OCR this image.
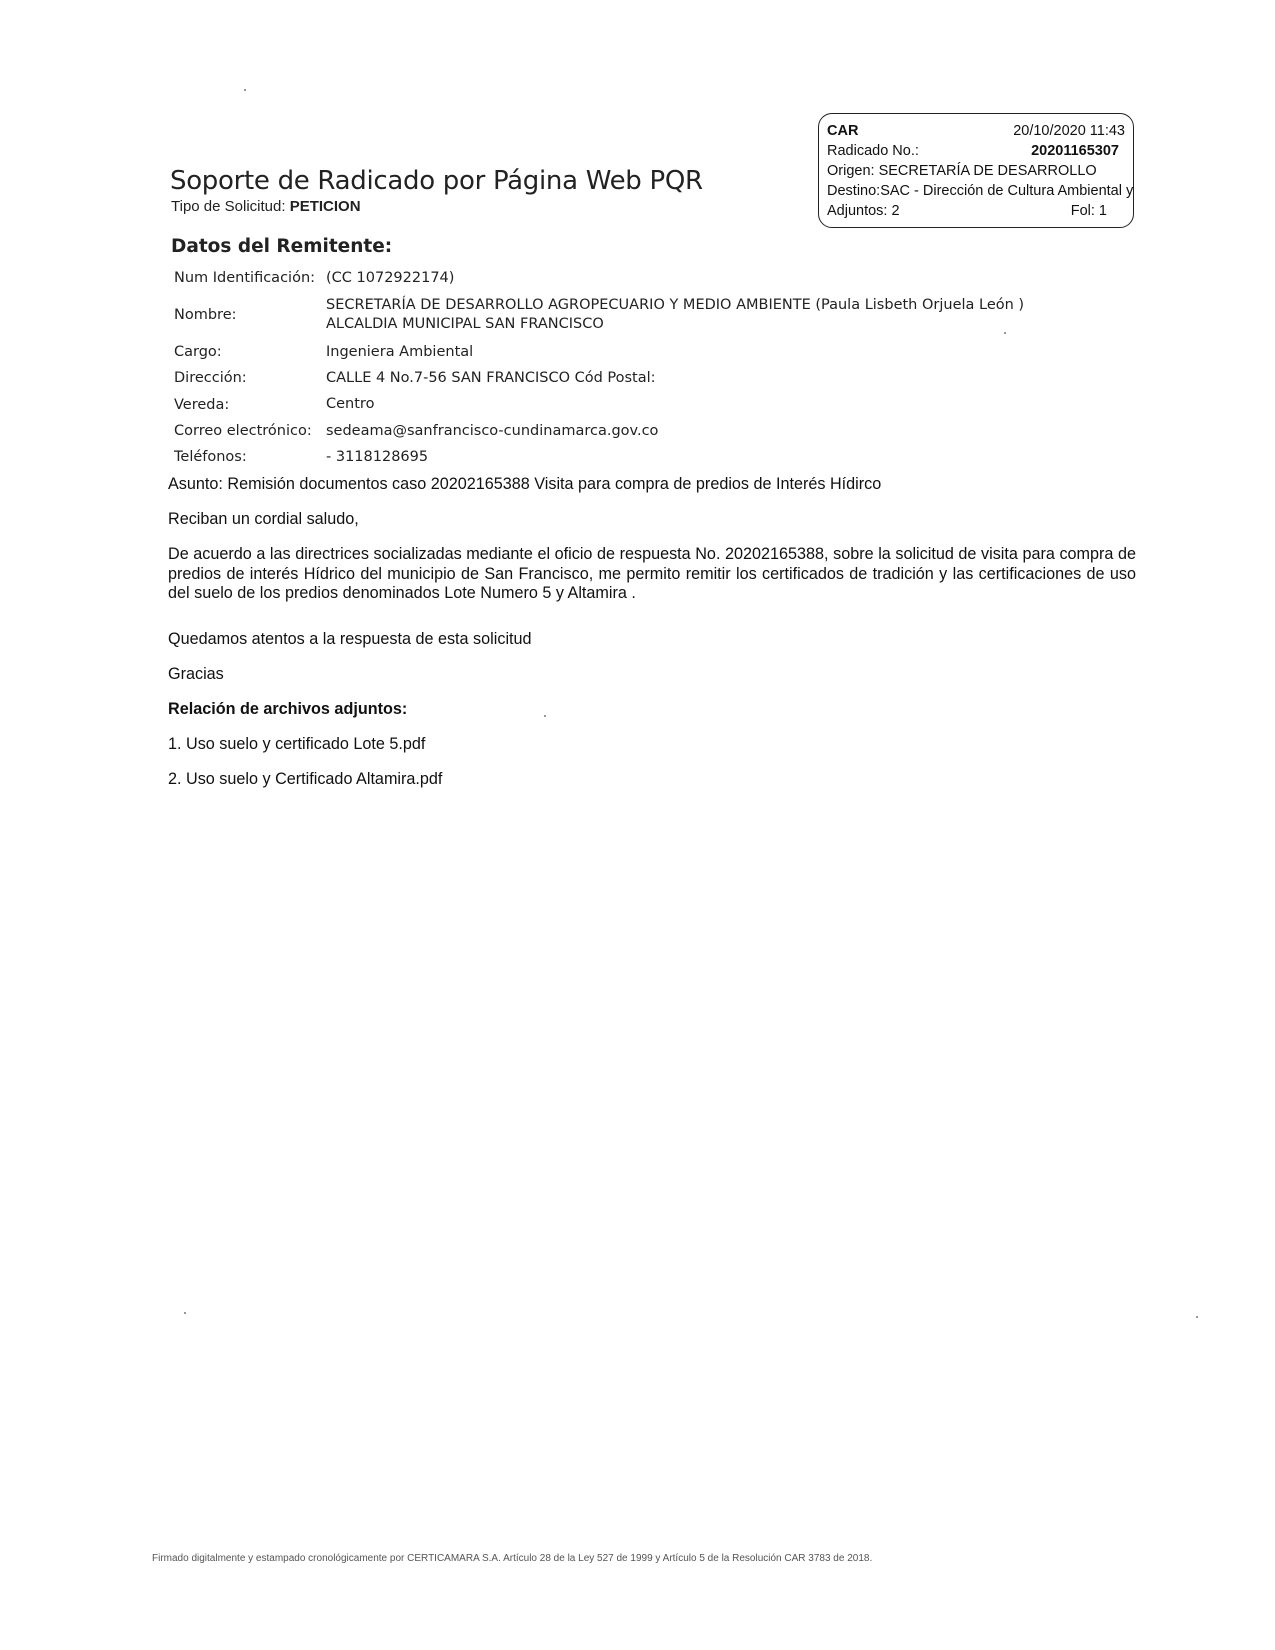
CAR	20/10/2020 11:43
Radicado No.:	20201165307
Origen: SECRETARÍA DE DESARROLLO
Destino:SAC - Dirección de Cultura Ambiental y
Adjuntos: 2	Fol: 1
Soporte de Radicado por Página Web PQR
Tipo de Solicitud: PETICION
Datos del Remitente:
Num Identificación: (CC 1072922174)
Nombre:
SECRETARÍA DE DESARROLLO AGROPECUARIO Y MEDIO AMBIENTE (Paula Lisbeth Orjuela León )
ALCALDIA MUNICIPAL SAN FRANCISCO
Cargo:	Ingeniera Ambiental
Dirección:	CALLE 4 No.7-56 SAN FRANCISCO Cód Postal:
Vereda:	Centro
Correo electrónico: sedeama@sanfrancisco-cundinamarca.gov.co
Teléfonos:	- 3118128695
Asunto: Remisión documentos caso 20202165388 Visita para compra de predios de Interés Hídirco
Reciban un cordial saludo,
De acuerdo a las directrices socializadas mediante el oficio de respuesta No. 20202165388, sobre la solicitud de visita para compra de predios de interés Hídrico del municipio de San Francisco, me permito remitir los certificados de tradición y las certificaciones de uso del suelo de los predios denominados Lote Numero 5 y Altamira .
Quedamos atentos a la respuesta de esta solicitud
Gracias
Relación de archivos adjuntos:
1. Uso suelo y certificado Lote 5.pdf
2. Uso suelo y Certificado Altamira.pdf
Firmado digitalmente y estampado cronológicamente por CERTICAMARA S.A. Artículo 28 de la Ley 527 de 1999 y Artículo 5 de la Resolución CAR 3783 de 2018.
